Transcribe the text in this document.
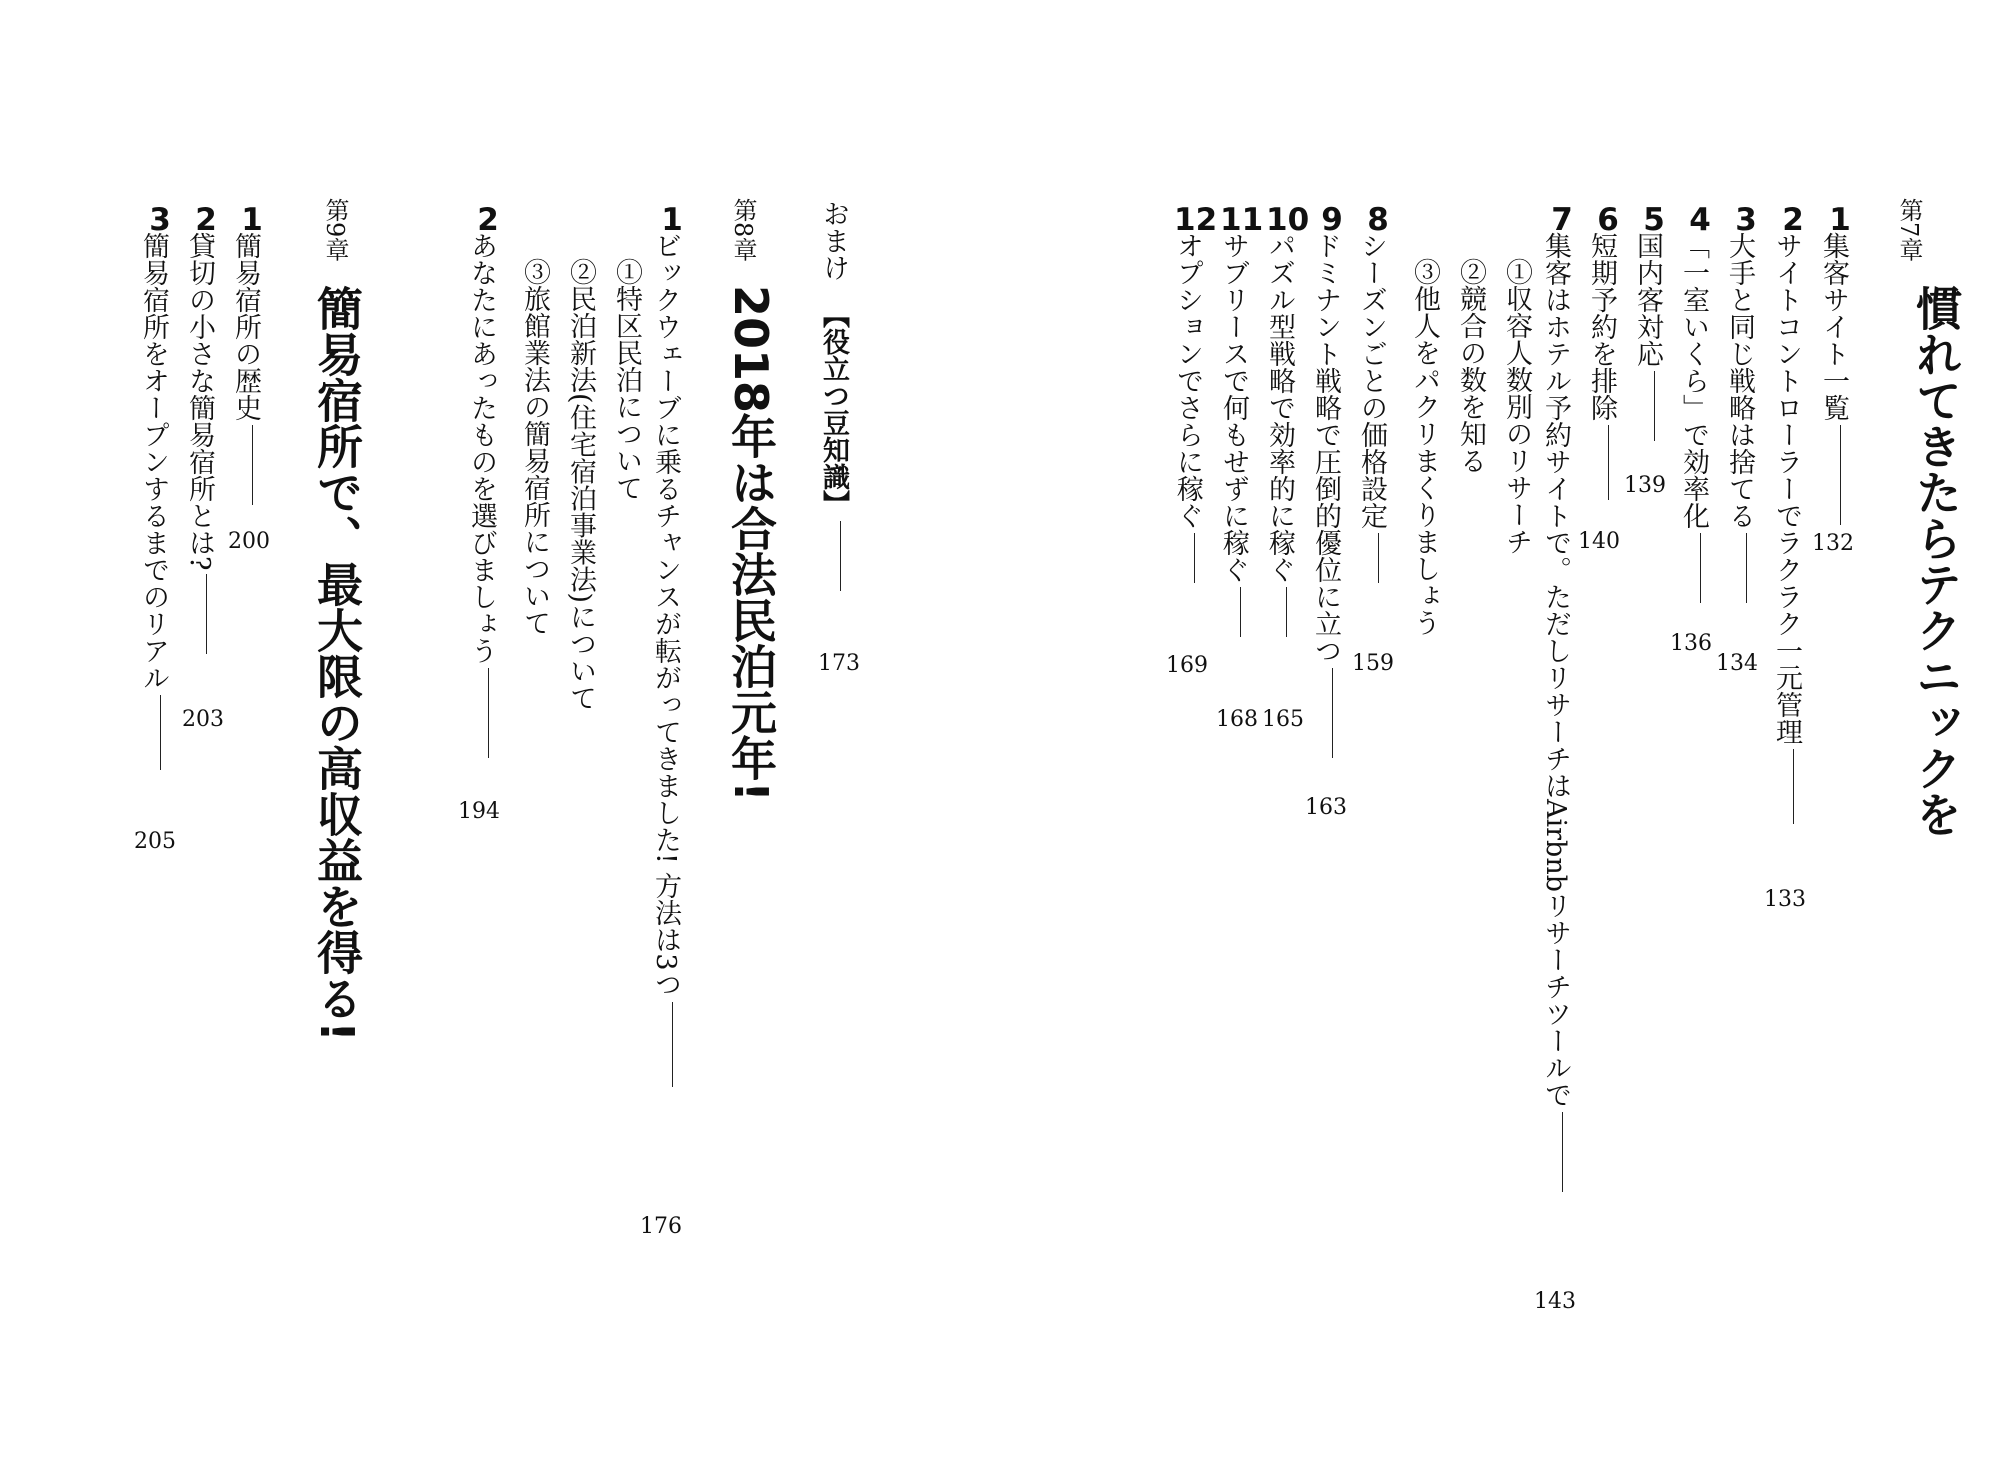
第7章
慣れてきたらテクニックを
1
集客サイト一覧
132
2
サイトコントローラーでラクラク一元管理
133
3
大手と同じ戦略は捨てる
134
4
「一室いくら」で効率化
136
5
国内客対応
139
6
短期予約を排除
140
7
集客はホテル予約サイトで。ただしリサーチはAirbnbリサーチツールで
143
①収容人数別のリサーチ
②競合の数を知る
③他人をパクリまくりましょう
8
シーズンごとの価格設定
159
9
ドミナント戦略で圧倒的優位に立つ
163
10
パズル型戦略で効率的に稼ぐ
165
11
サブリースで何もせずに稼ぐ
168
12
オプションでさらに稼ぐ
169
おまけ【役立つ豆知識】
173
第8章
2018年は合法民泊元年!
1
ビックウェーブに乗るチャンスが転がってきました! 方法は3つ
176
①特区民泊について
②民泊新法(住宅宿泊事業法)について
③旅館業法の簡易宿所について
2
あなたにあったものを選びましょう
194
第9章
簡易宿所で、最大限の高収益を得る!
1
簡易宿所の歴史
200
2
貸切の小さな簡易宿所とは?
203
3
簡易宿所をオープンするまでのリアル
205
